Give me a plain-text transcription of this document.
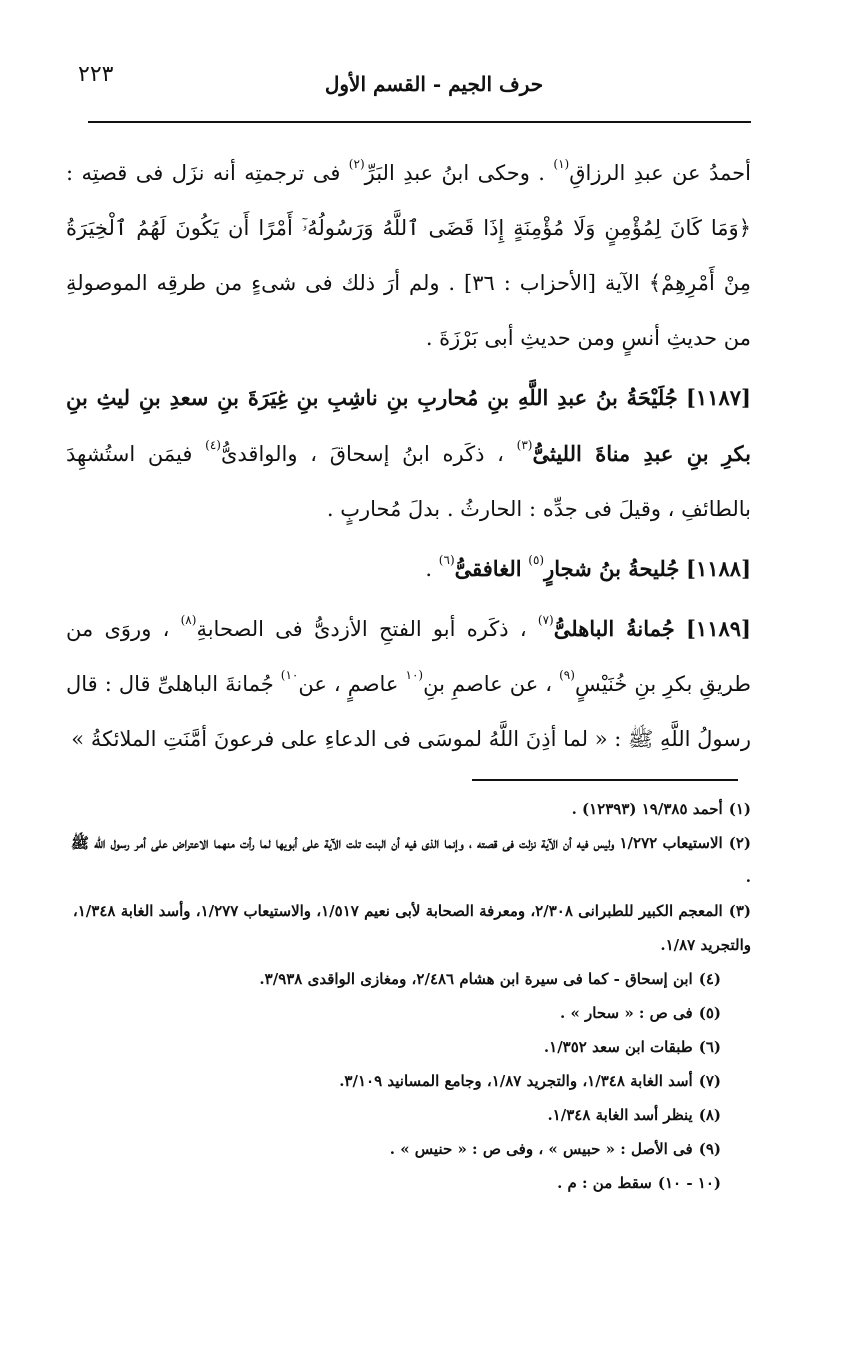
٢٢٣	حرف الجيم - القسم الأول

أحمدُ عن عبدِ الرزاقِ$^{(١)}$ . وحكى ابنُ عبدِ البَرِّ$^{(٢)}$ فى ترجمتِه أنه نزَل فى قصتِه : ﴿وَمَا كَانَ لِمُؤْمِنٍ وَلَا مُؤْمِنَةٍ إِذَا قَضَى ٱللَّهُ وَرَسُولُهُۥٓ أَمْرًا أَن يَكُونَ لَهُمُ ٱلْخِيَرَةُ مِنْ أَمْرِهِمْ﴾ الآية [الأحزاب : ٣٦] . ولم أرَ ذلك فى شىءٍ من طرقِه الموصولةِ من حديثِ أنسٍ ومن حديثِ أبى بَرْزَةَ .

[١١٨٧] جُلَيْحَةُ بنُ عبدِ اللَّهِ بنِ مُحاربِ بنِ ناشِبِ بنِ غِيَرَةَ بنِ سعدِ بنِ ليثِ بنِ بكرِ بنِ عبدِ مناةَ الليثىُّ$^{(٣)}$ ، ذكَره ابنُ إسحاقَ ، والواقدىُّ$^{(٤)}$ فيمَن استُشهِدَ بالطائفِ ، وقيلَ فى جدِّه : الحارثُ . بدلَ مُحاربٍ .

[١١٨٨] جُليحةُ بنُ شجارٍ$^{(٥)}$ الغافقىُّ$^{(٦)}$ .

[١١٨٩] جُمانةُ الباهلىُّ$^{(٧)}$ ، ذكَره أبو الفتحِ الأزدىُّ فى الصحابةِ$^{(٨)}$ ، وروَى من طريقِ بكرِ بنِ خُنَيْسٍ$^{(٩)}$ ، عن عاصمِ بنِ$^{(١٠}$ عاصمٍ ، عن$^{١٠)}$ جُمانةَ الباهلىِّ قال : قال رسولُ اللَّهِ ﷺ : « لما أذِنَ اللَّهُ لموسَى فى الدعاءِ على فرعونَ أمَّنَتِ الملائكةُ »

(١)أحمد ١٩/٣٨٥ (١٢٣٩٣) .

(٢)الاستيعاب ١/٢٧٢ وليس فيه أن الآية نزلت فى قصته ، وإنما الذى فيه أن البنت تلت الآية على أبويها لما رأت منهما الاعتراض على أمر رسول الله ﷺ .

(٣)المعجم الكبير للطبرانى ٢/٣٠٨، ومعرفة الصحابة لأبى نعيم ١/٥١٧، والاستيعاب ١/٢٧٧، وأسد الغابة ١/٣٤٨، والتجريد ١/٨٧.

(٤)ابن إسحاق - كما فى سيرة ابن هشام ٢/٤٨٦، ومغازى الواقدى ٣/٩٣٨.

(٥)فى ص : « سحار » .

(٦)طبقات ابن سعد ١/٣٥٢.

(٧)أسد الغابة ١/٣٤٨، والتجريد ١/٨٧، وجامع المسانيد ٣/١٠٩.

(٨)ينظر أسد الغابة ١/٣٤٨.

(٩)فى الأصل : « حبيس » ، وفى ص : « حنيس » .

(١٠ - ١٠)سقط من : م .
